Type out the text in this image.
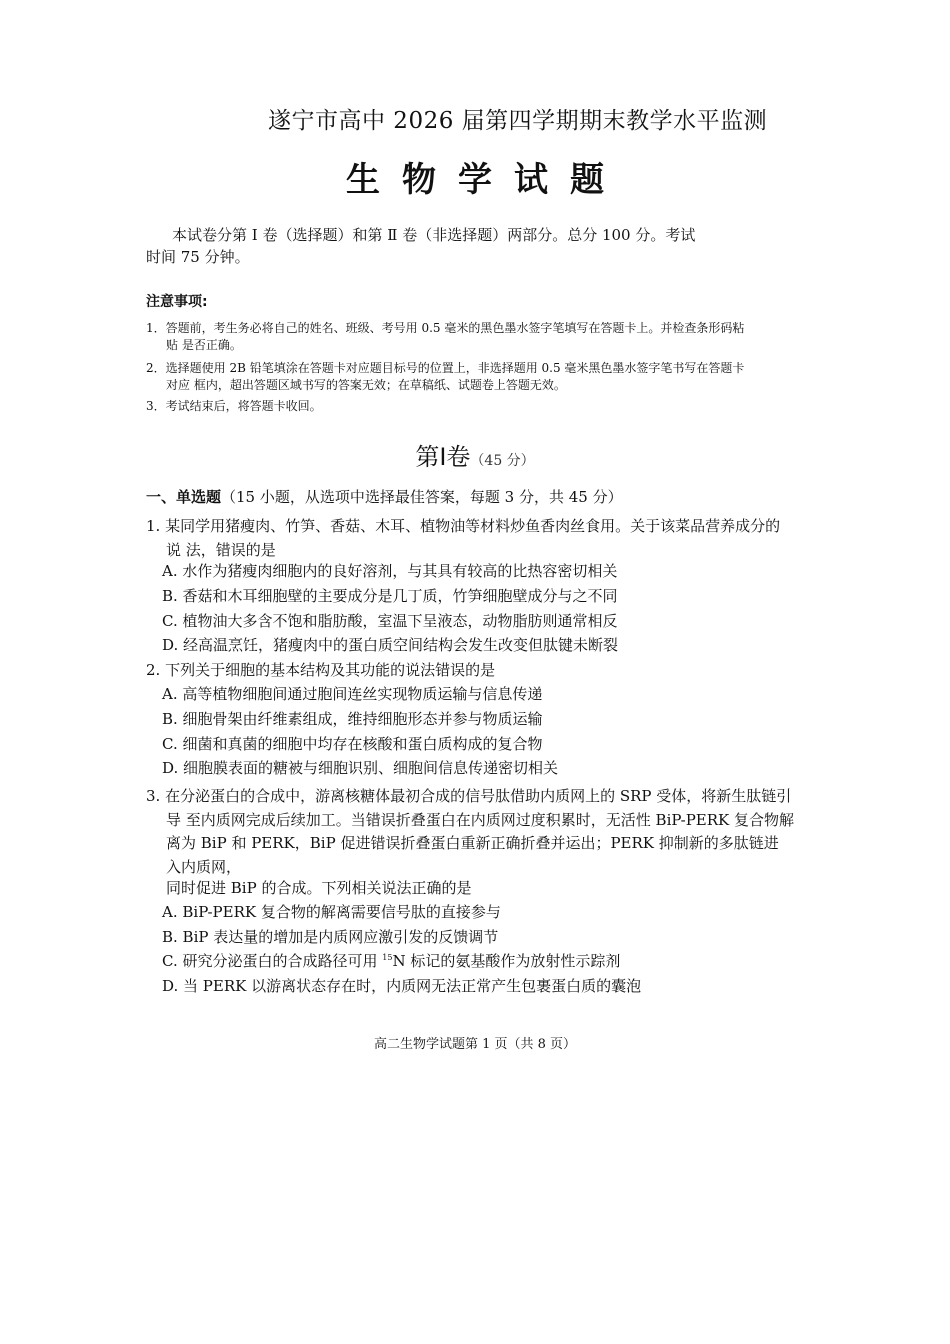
遂宁市高中 2026 届第四学期期末教学水平监测
生物学试题
本试卷分第 Ⅰ 卷（选择题）和第 Ⅱ 卷（非选择题）两部分。总分 100 分。考试
时间 75 分钟。
注意事项:
1．答题前，考生务必将自己的姓名、班级、考号用 0.5 毫米的黑色墨水签字笔填写在答题卡上。并检查条形码粘
贴 是否正确。
2．选择题使用 2B 铅笔填涂在答题卡对应题目标号的位置上，非选择题用 0.5 毫米黑色墨水签字笔书写在答题卡
对应 框内，超出答题区域书写的答案无效；在草稿纸、试题卷上答题无效。
3．考试结束后，将答题卡收回。
第Ⅰ卷（45 分）
一、单选题（15 小题，从选项中选择最佳答案，每题 3 分，共 45 分）
1. 某同学用猪瘦肉、竹笋、香菇、木耳、植物油等材料炒鱼香肉丝食用。关于该菜品营养成分的
说 法，错误的是
A. 水作为猪瘦肉细胞内的良好溶剂，与其具有较高的比热容密切相关
B. 香菇和木耳细胞壁的主要成分是几丁质，竹笋细胞壁成分与之不同
C. 植物油大多含不饱和脂肪酸，室温下呈液态，动物脂肪则通常相反
D. 经高温烹饪，猪瘦肉中的蛋白质空间结构会发生改变但肽键未断裂
2. 下列关于细胞的基本结构及其功能的说法错误的是
A. 高等植物细胞间通过胞间连丝实现物质运输与信息传递
B. 细胞骨架由纤维素组成，维持细胞形态并参与物质运输
C. 细菌和真菌的细胞中均存在核酸和蛋白质构成的复合物
D. 细胞膜表面的糖被与细胞识别、细胞间信息传递密切相关
3. 在分泌蛋白的合成中，游离核糖体最初合成的信号肽借助内质网上的 SRP 受体，将新生肽链引
导 至内质网完成后续加工。当错误折叠蛋白在内质网过度积累时，无活性 BiP-PERK 复合物解
离为 BiP 和 PERK，BiP 促进错误折叠蛋白重新正确折叠并运出；PERK 抑制新的多肽链进
入内质网，
同时促进 BiP 的合成。下列相关说法正确的是
A. BiP-PERK 复合物的解离需要信号肽的直接参与
B. BiP 表达量的增加是内质网应激引发的反馈调节
C. 研究分泌蛋白的合成路径可用 $^{15}$N 标记的氨基酸作为放射性示踪剂
D. 当 PERK 以游离状态存在时，内质网无法正常产生包裹蛋白质的囊泡
高二生物学试题第 1 页（共 8 页）
